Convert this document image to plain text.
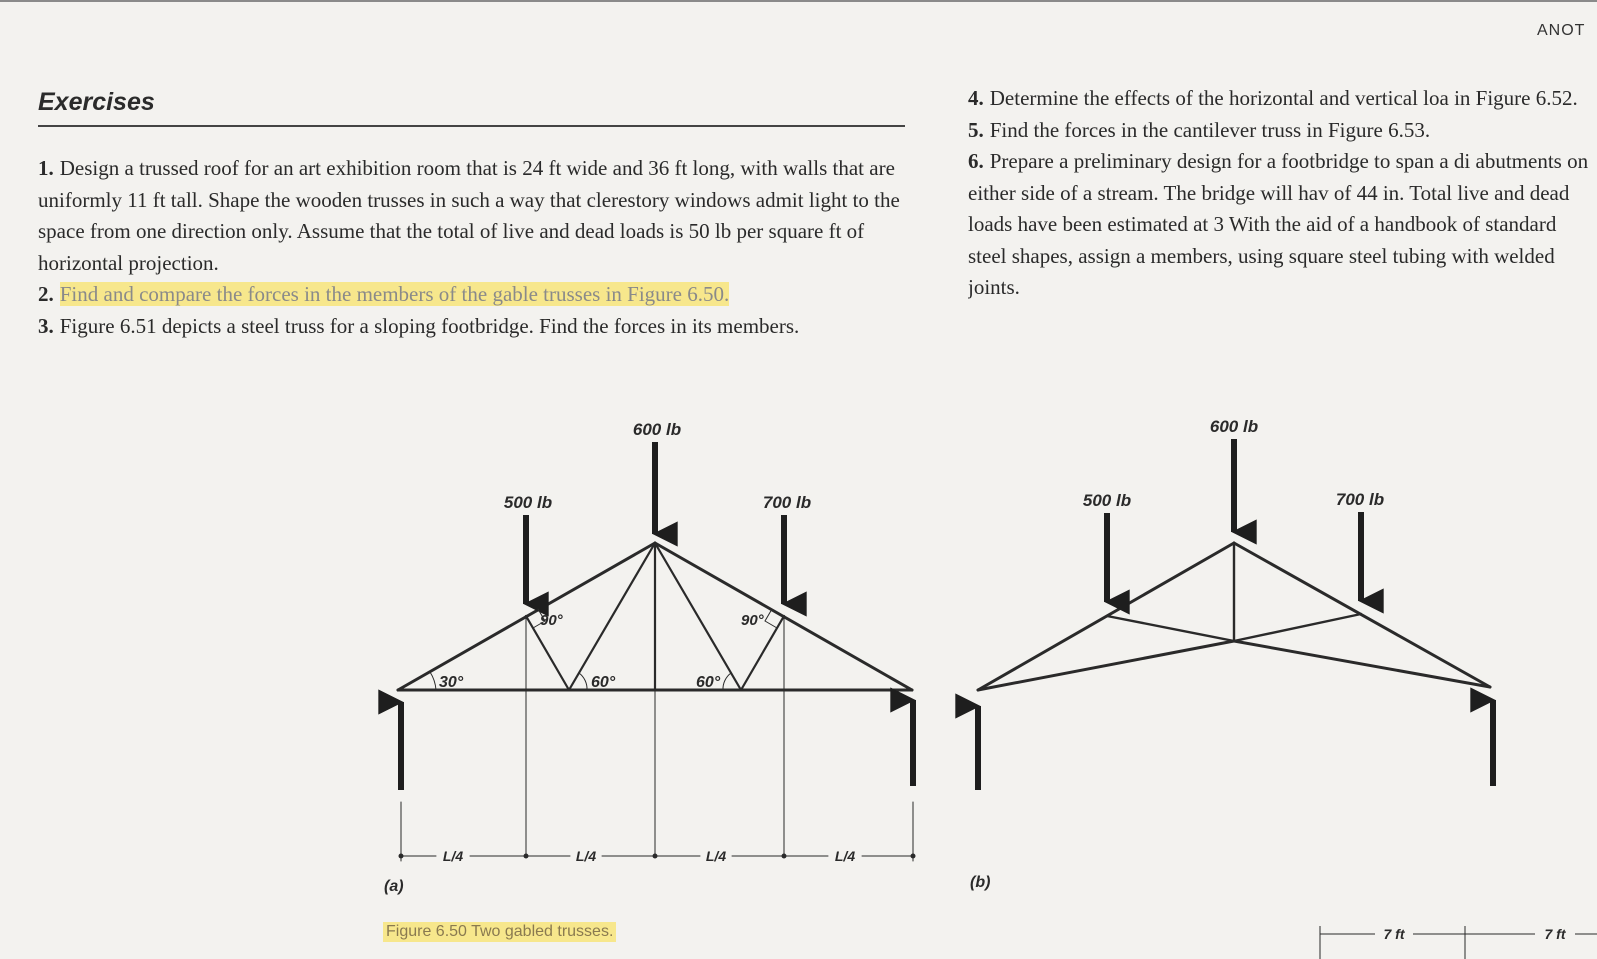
ANOT
Exercises

1. Design a trussed roof for an art exhibition room that is 24 ft wide and 36 ft long, with walls that are uniformly 11 ft tall. Shape the wooden trusses in such a way that clerestory windows admit light to the space from one direction only. Assume that the total of live and dead loads is 50 lb per square ft of horizontal projection.

2. Find and compare the forces in the members of the gable trusses in Figure 6.50.

3. Figure 6.51 depicts a steel truss for a sloping footbridge. Find the forces in its members.

4. Determine the effects of the horizontal and vertical loa in Figure 6.52.

5. Find the forces in the cantilever truss in Figure 6.53.

6. Prepare a preliminary design for a footbridge to span a di abutments on either side of a stream. The bridge will hav of 44 in. Total live and dead loads have been estimated at 3 With the aid of a handbook of standard steel shapes, assign a members, using square steel tubing with welded joints.

600 lb
500 lb	700 lb
30°
90°
60°	60°
90°
L/4	L/4	L/4	L/4
(a)
600 lb
500 lb	700 lb
(b)
7 ft	7 ft
Figure 6.50 Two gabled trusses.
